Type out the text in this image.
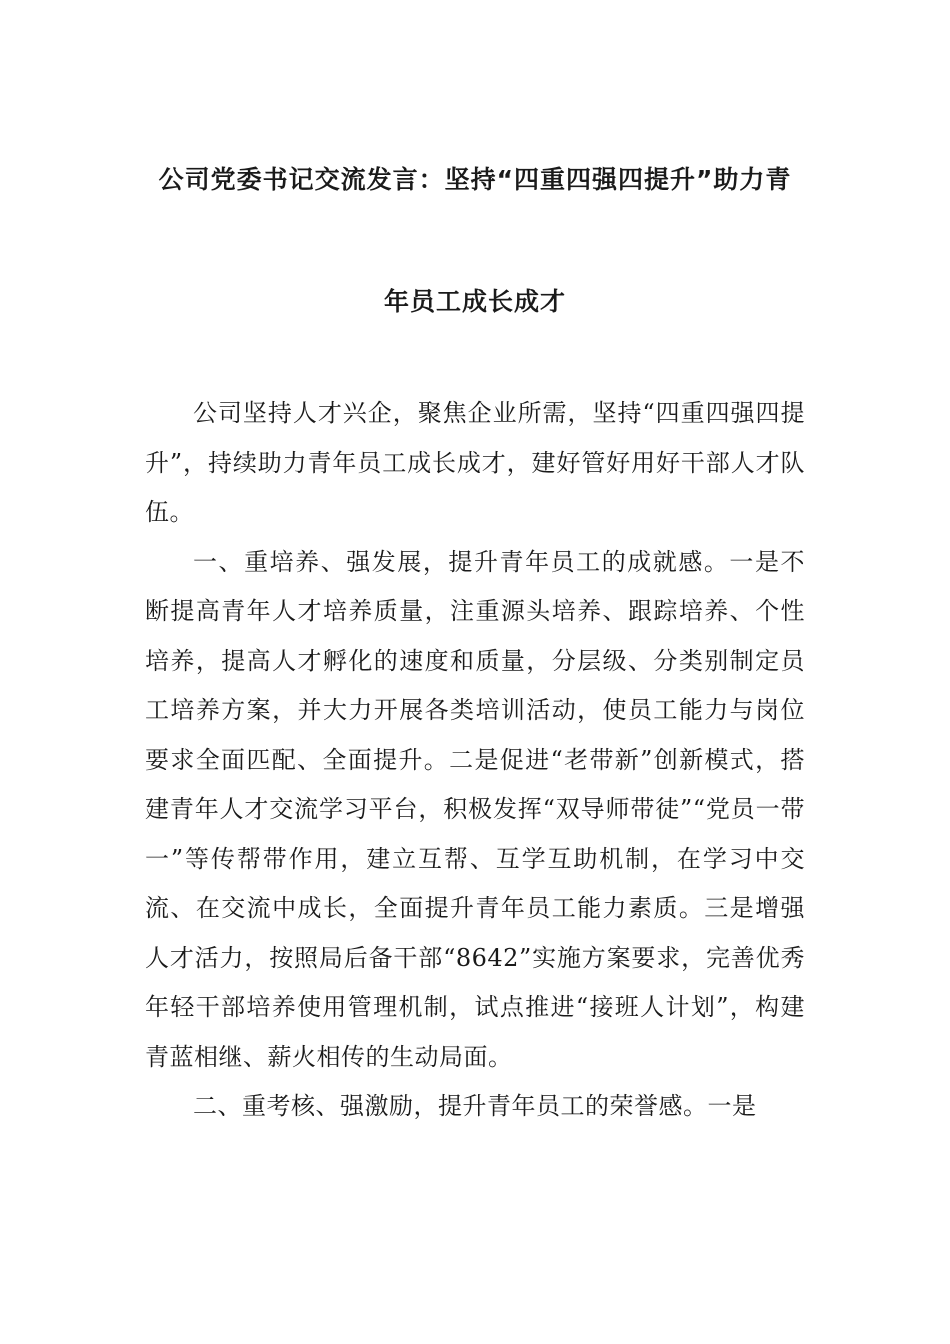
公司党委书记交流发言：坚持“四重四强四提升”助力青
年员工成长成才

公司坚持人才兴企，聚焦企业所需，坚持“四重四强四提升”，持续助力青年员工成长成才，建好管好用好干部人才队伍。

一、重培养、强发展，提升青年员工的成就感。一是不断提高青年人才培养质量，注重源头培养、跟踪培养、个性培养，提高人才孵化的速度和质量，分层级、分类别制定员工培养方案，并大力开展各类培训活动，使员工能力与岗位要求全面匹配、全面提升。二是促进“老带新”创新模式，搭建青年人才交流学习平台，积极发挥“双导师带徒”“党员一带一”等传帮带作用，建立互帮、互学互助机制，在学习中交流、在交流中成长，全面提升青年员工能力素质。三是增强人才活力，按照局后备干部“8642”实施方案要求，完善优秀年轻干部培养使用管理机制，试点推进“接班人计划”，构建青蓝相继、薪火相传的生动局面。

二、重考核、强激励，提升青年员工的荣誉感。一是
